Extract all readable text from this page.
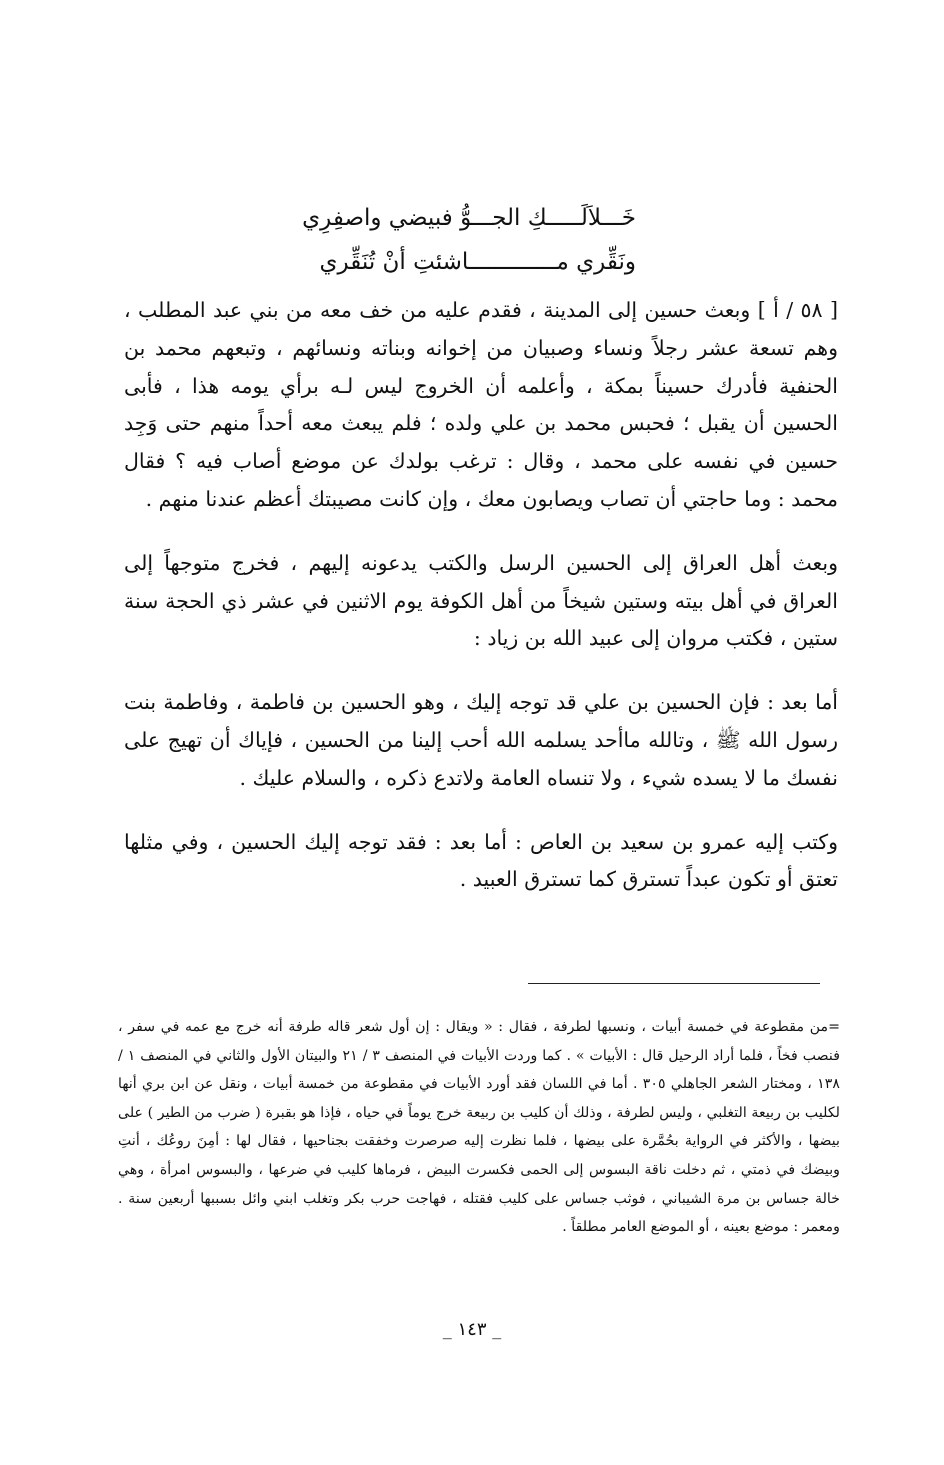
خَـــلاَلَـــــكِ الجـــوُّ فبيضي واصفِرِي
ونَقِّري مـــــــــــــاشئتِ أنْ تُنَقِّري

[ ٥٨ / أ ] وبعث حسين إلى المدينة ، فقدم عليه من خف معه من بني عبد المطلب ، وهم تسعة عشر رجلاً ونساء وصبيان من إخوانه وبناته ونسائهم ، وتبعهم محمد بن الحنفية فأدرك حسيناً بمكة ، وأعلمه أن الخروج ليس لـه برأي يومه هذا ، فأبى الحسين أن يقبل ؛ فحبس محمد بن علي ولده ؛ فلم يبعث معه أحداً منهم حتى وَجِد حسين في نفسه على محمد ، وقال : ترغب بولدك عن موضع أصاب فيه ؟ فقال محمد : وما حاجتي أن تصاب ويصابون معك ، وإن كانت مصيبتك أعظم عندنا منهم .

وبعث أهل العراق إلى الحسين الرسل والكتب يدعونه إليهم ، فخرج متوجهاً إلى العراق في أهل بيته وستين شيخاً من أهل الكوفة يوم الاثنين في عشر ذي الحجة سنة ستين ، فكتب مروان إلى عبيد الله بن زياد :

أما بعد : فإن الحسين بن علي قد توجه إليك ، وهو الحسين بن فاطمة ، وفاطمة بنت رسول الله ﷺ ، وتالله ماأحد يسلمه الله أحب إلينا من الحسين ، فإياك أن تهيج على نفسك ما لا يسده شيء ، ولا تنساه العامة ولاتدع ذكره ، والسلام عليك .

وكتب إليه عمرو بن سعيد بن العاص : أما بعد : فقد توجه إليك الحسين ، وفي مثلها تعتق أو تكون عبداً تسترق كما تسترق العبيد .

=من مقطوعة في خمسة أبيات ، ونسبها لطرفة ، فقال : « ويقال : إن أول شعر قاله طرفة أنه خرج مع عمه في سفر ، فنصب فخاً ، فلما أراد الرحيل قال : الأبيات » . كما وردت الأبيات في المنصف ٣ / ٢١ والبيتان الأول والثاني في المنصف ١ / ١٣٨ ، ومختار الشعر الجاهلي ٣٠٥ . أما في اللسان فقد أورد الأبيات في مقطوعة من خمسة أبيات ، ونقل عن ابن بري أنها لكليب بن ربيعة التغلبي ، وليس لطرفة ، وذلك أن كليب بن ربيعة خرج يوماً في حياه ، فإذا هو بقبرة ( ضرب من الطير ) على بيضها ، والأكثر في الرواية بحُمَّرة على بيضها ، فلما نظرت إليه صرصرت وخفقت بجناحيها ، فقال لها : أمِنَ روعُك ، أنتِ وبيضك في ذمتي ، ثم دخلت ناقة البسوس إلى الحمى فكسرت البيض ، فرماها كليب في ضرعها ، والبسوس امرأة ، وهي خالة جساس بن مرة الشيباني ، فوثب جساس على كليب فقتله ، فهاجت حرب بكر وتغلب ابني وائل بسببها أربعين سنة . ومعمر : موضع بعينه ، أو الموضع العامر مطلقاً .

_ ١٤٣ _
